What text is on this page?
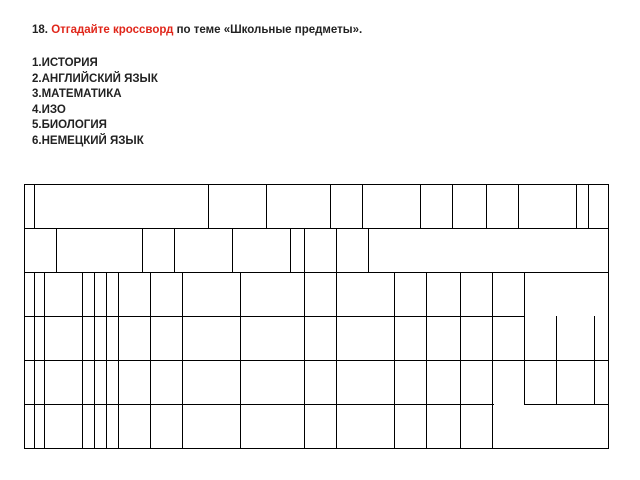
18. Отгадайте кроссворд по теме «Школьные предметы».
1.ИСТОРИЯ
2.АНГЛИЙСКИЙ ЯЗЫК
3.МАТЕМАТИКА
4.ИЗО
5.БИОЛОГИЯ
6.НЕМЕЦКИЙ ЯЗЫК
